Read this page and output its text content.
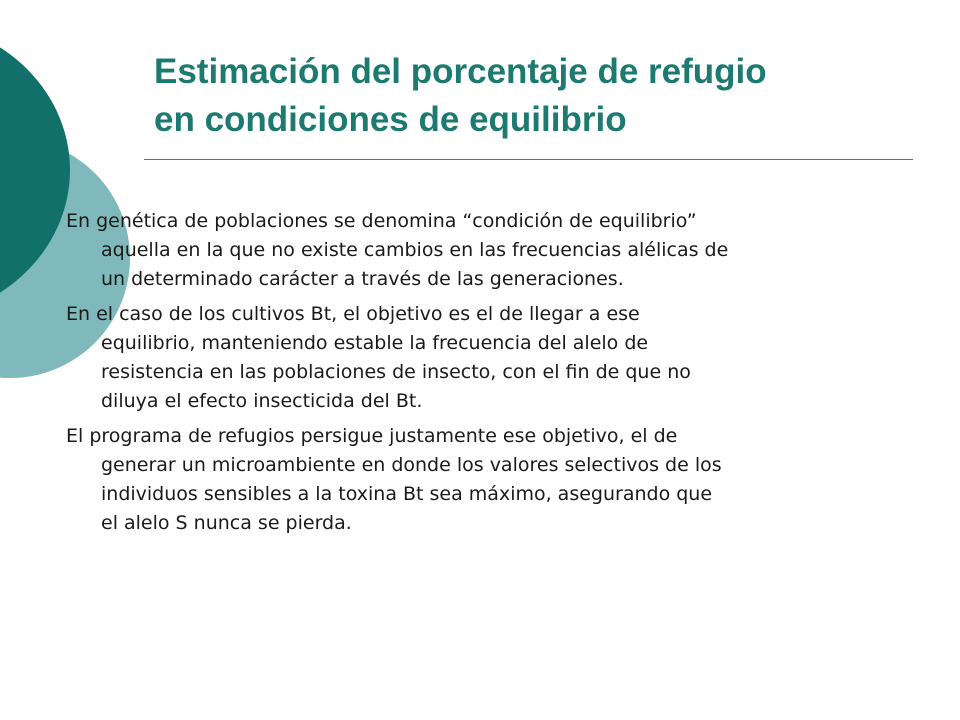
Estimación del porcentaje de refugio
en condiciones de equilibrio

En genética de poblaciones se denomina “condición de equilibrio”
aquella en la que no existe cambios en las frecuencias alélicas de
un determinado carácter a través de las generaciones.

En el caso de los cultivos Bt, el objetivo es el de llegar a ese
equilibrio, manteniendo estable la frecuencia del alelo de
resistencia en las poblaciones de insecto, con el fin de que no
diluya el efecto insecticida del Bt.

El programa de refugios persigue justamente ese objetivo, el de
generar un microambiente en donde los valores selectivos de los
individuos sensibles a la toxina Bt sea máximo, asegurando que
el alelo S nunca se pierda.
